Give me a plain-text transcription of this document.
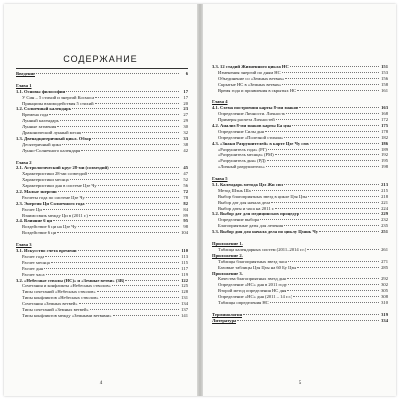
СОДЕРЖАНИЕ
Введение	6
Глава 1
1.1. Основы философии	17
У Син – 5 стихий и энергий Космоса	17
Принципы взаимодействия 5 стихий	20
1.2. Солнечный календарь	23
Времена года	27
Лунный календарь	29
Лунные затмения	30
Драконический лунный месяц	32
1.3. Двенадцатеричный цикл. Обзор	33
Десятеричный цикл	38
Лунно-Солнечного календаря	42
Глава 2
2.1. Астрологический круг 28-ми (созвездий)	45
Характеристики 28-ми созвездий	47
Характеристики месяца	52
Характеристики дня в системе Цзе Чу	56
2.2. Малые энергии	72
Расчеты года по системе Цзе Чу	78
2.3. Энергия Ци Солнечного года	82
Расчет Ци	84
Взаимосвязь между Ци в (2011 г.)	89
2.4. Влияние 6 ци	95
Воздействие 6 ци на Цзе Чу	98
Воздействие 6 ци	104
Глава 3
3.1. Искусство счета времени	110
Расчет года	113
Расчет месяца	115
Расчет дня	117
Расчет часа	119
3.2. «Небесные стволы (НС)» и «Земные ветви» (ЗВ)	122
Сочетания и конфликты «Небесных стволов»	125
Типы сочетаний «Небесных стволов»	128
Типы конфликтов «Небесных стволов»	131
Сочетания «Земных ветвей»	134
Типы сочетаний «Земных ветвей»	137
Типы конфликтов между «Земными ветвями»	141
4
3.3. 12 стадий Жизненного цикла НС	151
Изменения энергий по дням НС	153
Объединение со «Земных ветвях»	156
Скрытые НС в «Земных ветвях»	158
Время года и проявления в скрытых НС	161
Глава 4
4.1. Схема построения карты 8-ми знаков	163
Определение Личности. Личность	168
Примеры расчета Личностей	172
4.2. Анализ 8-ми знаков карты Ба цзы	175
Определение Силы дня	178
Определение «Полезной стихии»	182
4.3. «Знаки Разрушителей» в карте Цзе Чу сюх	186
«Разрушитель года» (РГ)	189
«Разрушитель месяца» (РМ)	192
«Разрушитель дня» (РД)	195
«Личный разрушитель»	198
Глава 5
5.1. Календарь метода Цзэ Жи сюэ	213
Метод Шэнь Ша	215
Выбор благоприятных звезд в цикле Цзя Цзы	218
Выбор дат для начала дела	221
Выбор даты и часа на 2011 г.	224
5.2. Выбор дат для медицинских процедур	229
Определение выбора	232
Благоприятные даты для лечения	235
5.3. Выбор дня для начала дела по циклу Цзянь Чу	251
Приложение 1.
Таблица календарных систем (2011–2014 г.г.)	261
Приложение 2.
Таблицы благоприятных звезд часа	271
Базовые таблицы Цзя Цзы на 60 Бу Цзы	285
Приложение 3.
Качества благоприятных звезд дня	292
Определение «НС» дня в 2011 году	302
Второй метод определения НС дня	305
Определение «НС» дня (2011 – 14 г.г.)	308
Таблицы определения НС	310
Терминология	319
Литература	334
5
